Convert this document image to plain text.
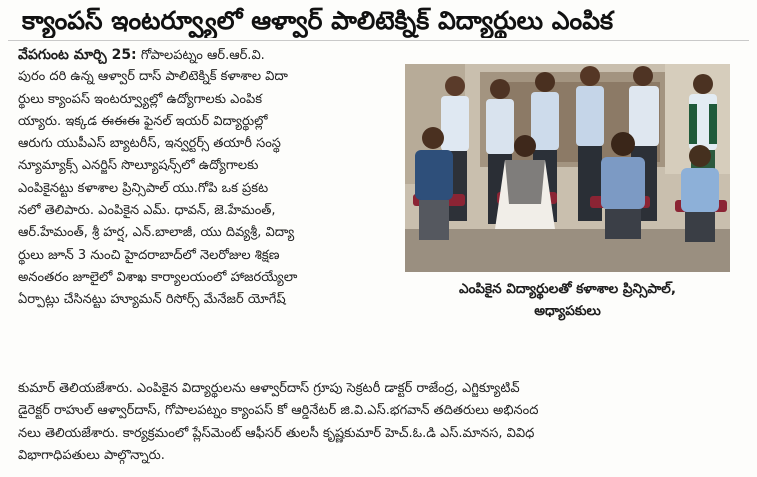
క్యాంపస్ ఇంటర్వ్యూలో ఆళ్వార్ పాలిటెక్నిక్ విద్యార్థులు ఎంపిక
వేపగుంట మార్చి 25: గోపాలపట్నం ఆర్.ఆర్.వి.
పురం దరి ఉన్న ఆళ్వార్ దాస్ పాలిటెక్నిక్ కళాశాల విదా
ర్థులు క్యాంపస్ ఇంటర్వ్యూల్లో ఉద్యోగాలకు ఎంపిక
య్యారు. ఇక్కడ ఈఈఈ ఫైనల్ ఇయర్ విద్యార్థుల్లో
ఆరుగు యుపీఎస్ బ్యాటరీస్, ఇన్వర్టర్స్ తయారీ సంస్థ
న్యూమ్యాక్స్ ఎనర్జిస్ సొల్యూషన్స్‌లో ఉద్యోగాలకు
ఎంపికైనట్టు కళాశాల ప్రిన్సిపాల్ యు.గోపి ఒక ప్రకట
నలో తెలిపారు. ఎంపికైన ఎమ్. ధావన్, జె.హేమంత్,
ఆర్.హేమంత్, శ్రీ హర్ష, ఎన్.బాలాజీ, యు దివ్యశ్రీ, విద్యా
ర్థులు జూన్ 3 నుంచి హైదరాబాద్‌లో నెలరోజుల శిక్షణ
అనంతరం జూలైలో విశాఖ కార్యాలయంలో హాజరయ్యేలా
ఏర్పాట్లు చేసినట్టు హ్యూమన్ రిసోర్స్ మేనేజర్ యోగేష్
ఎంపికైన విద్యార్థులతో కళాశాల ప్రిన్సిపాల్,
అధ్యాపకులు
కుమార్ తెలియజేశారు. ఎంపికైన విద్యార్థులను ఆళ్వార్‌దాస్ గ్రూపు సెక్రటరీ డాక్టర్ రాజేంద్ర, ఎగ్జిక్యూటివ్
డైరెక్టర్ రాహుల్ ఆళ్వార్‌దాస్, గోపాలపట్నం క్యాంపస్ కో ఆర్డినేటర్ జి.వి.ఎస్.భగవాన్ తదితరులు అభినంద
నలు తెలియజేశారు. కార్యక్రమంలో ప్లేస్‌మెంట్ ఆఫీసర్ తులసీ కృష్ణకుమార్ హెచ్.ఓ.డి ఎస్.మానస, వివిధ
విభాగాధిపతులు పాల్గొన్నారు.
